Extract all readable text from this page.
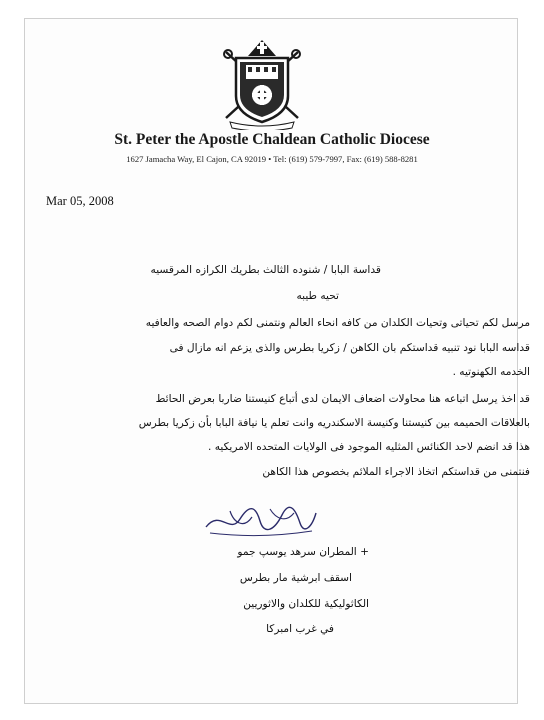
St. Peter the Apostle Chaldean Catholic Diocese
1627 Jamacha Way, El Cajon, CA 92019 • Tel: (619) 579-7997, Fax: (619) 588-8281
Mar 05, 2008
قداسة البابا / شنوده الثالث بطريك الكرازه المرقسيه
تحيه طيبه
مرسل لكم تحياتى وتحيات الكلدان من كافه انحاء العالم ونتمنى لكم دوام الصحه والعافيه
قداسه البابا نود تنبيه قداستكم بان الكاهن / زكريا بطرس والذى يزعم انه مازال فى
الخدمه الكهنوتيه .
قد اخذ يرسل اتباعه هنا محاولات اضعاف الايمان لدى أتباع كنيستنا ضاربا بعرض الحائط
بالعلاقات الحميمه بين كنيستنا وكنيسة الاسكندريه وانت تعلم يا نيافة البابا بأن زكريا بطرس
هذا قد انضم لاحد الكنائس المثليه الموجود فى الولايات المتحده الامريكيه .
فنتمنى من قداستكم اتخاذ الاجراء الملائم بخصوص هذا الكاهن
+ المطران سرهد يوسپ جمو
اسقف ابرشية مار بطرس
الكاثوليكية للكلدان والاثوريين
في غرب امبركا
